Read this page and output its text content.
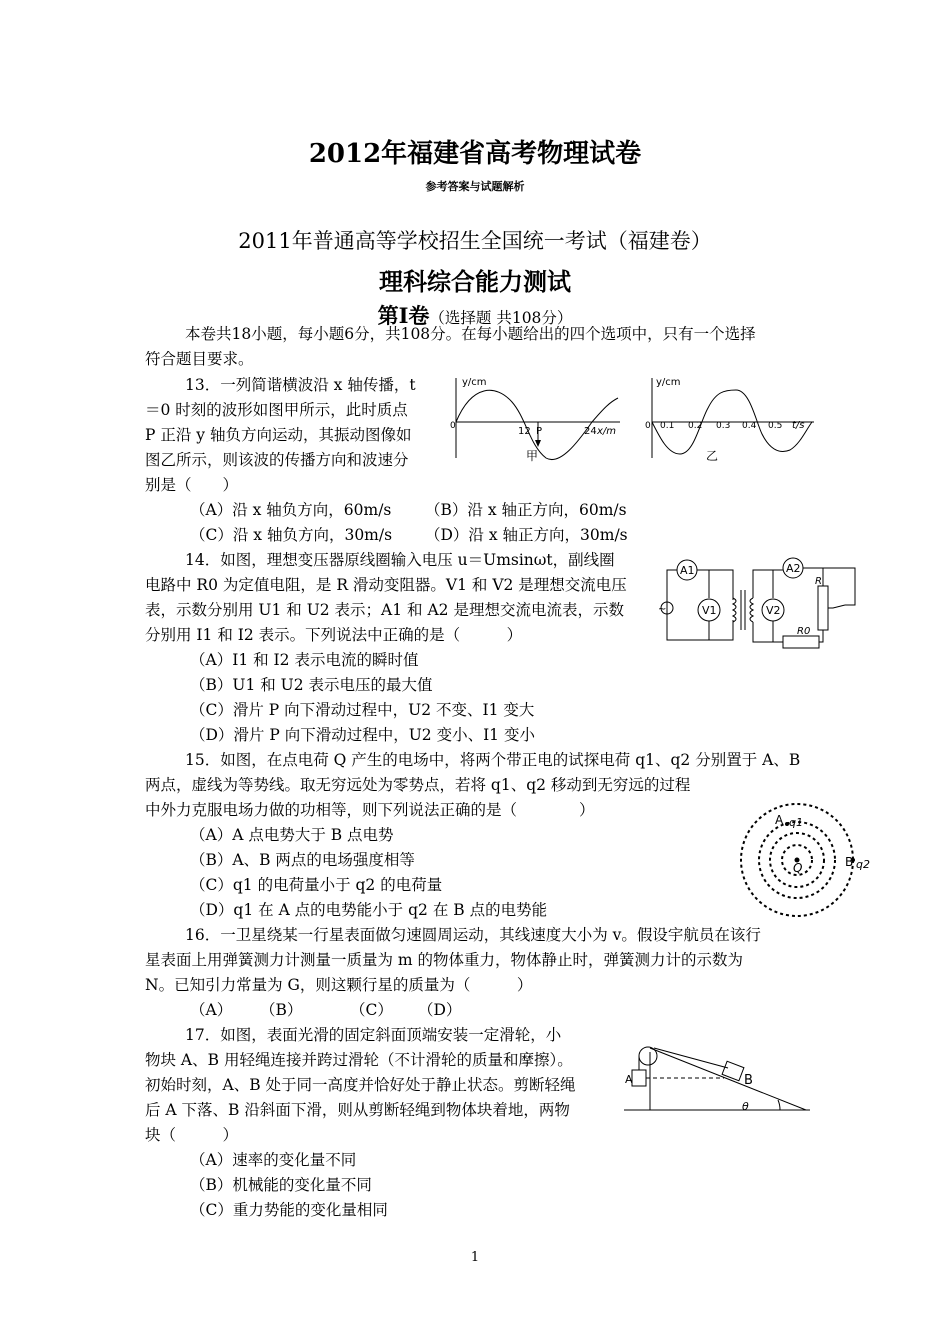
2012年福建省高考物理试卷
参考答案与试题解析
2011年普通高等学校招生全国统一考试（福建卷）
理科综合能力测试
第I卷（选择题 共108分）
本卷共18小题，每小题6分，共108分。在每小题给出的四个选项中，只有一个选择
符合题目要求。
13．一列简谐横波沿 x 轴传播，t
＝0 时刻的波形如图甲所示，此时质点
P 正沿 y 轴负方向运动，其振动图像如
图乙所示，则该波的传播方向和波速分
别是（　　）
（A）沿 x 轴负方向，60m/s （B）沿 x 轴正方向，60m/s
（C）沿 x 轴负方向，30m/s （D）沿 x 轴正方向，30m/s
y/cm
0	12 P	24 x/m
甲
y/cm
0 0.1 0.2 0.3 0.4 0.5 t/s
乙
14．如图，理想变压器原线圈输入电压 u＝Umsinωt，副线圈
电路中 R0 为定值电阻，是 R 滑动变阻器。V1 和 V2 是理想交流电压
表，示数分别用 U1 和 U2 表示；A1 和 A2 是理想交流电流表，示数
分别用 I1 和 I2 表示。下列说法中正确的是（　　　）
（A）I1 和 I2 表示电流的瞬时值
（B）U1 和 U2 表示电压的最大值
（C）滑片 P 向下滑动过程中，U2 不变、I1 变大
（D）滑片 P 向下滑动过程中，U2 变小、I1 变小
A1	A2
V1	V2
R
R0
~
15．如图，在点电荷 Q 产生的电场中，将两个带正电的试探电荷 q1、q2 分别置于 A、B
两点，虚线为等势线。取无穷远处为零势点，若将 q1、q2 移动到无穷远的过程
中外力克服电场力做的功相等，则下列说法正确的是（　　　　）
（A）A 点电势大于 B 点电势
（B）A、B 两点的电场强度相等
（C）q1 的电荷量小于 q2 的电荷量
（D）q1 在 A 点的电势能小于 q2 在 B 点的电势能
A q1
Q	B q2
16．一卫星绕某一行星表面做匀速圆周运动，其线速度大小为 v。假设宇航员在该行
星表面上用弹簧测力计测量一质量为 m 的物体重力，物体静止时，弹簧测力计的示数为
N。已知引力常量为 G，则这颗行星的质量为（　　　）
（A） （B）	（C） （D）
17．如图，表面光滑的固定斜面顶端安装一定滑轮，小
物块 A、B 用轻绳连接并跨过滑轮（不计滑轮的质量和摩擦）。
初始时刻，A、B 处于同一高度并恰好处于静止状态。剪断轻绳
后 A 下落、B 沿斜面下滑，则从剪断轻绳到物体块着地，两物
块（　　　）
（A）速率的变化量不同
（B）机械能的变化量不同
（C）重力势能的变化量相同
A	B
θ
1
